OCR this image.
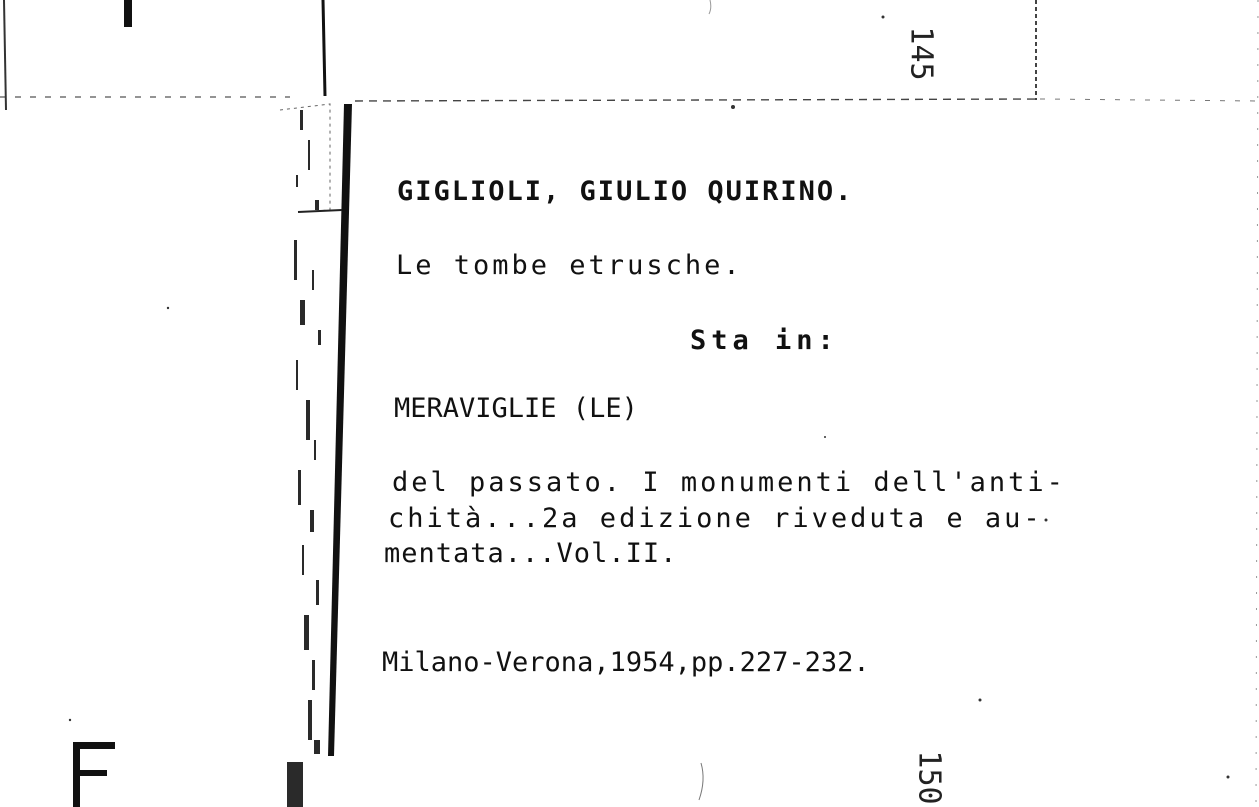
145
150

GIGLIOLI, GIULIO QUIRINO.

Le tombe etrusche.

Sta in:

MERAVIGLIE (LE)

del passato. I monumenti dell'anti-

chità...2a edizione riveduta e au-

mentata...Vol.II.

Milano-Verona,1954,pp.227-232.
